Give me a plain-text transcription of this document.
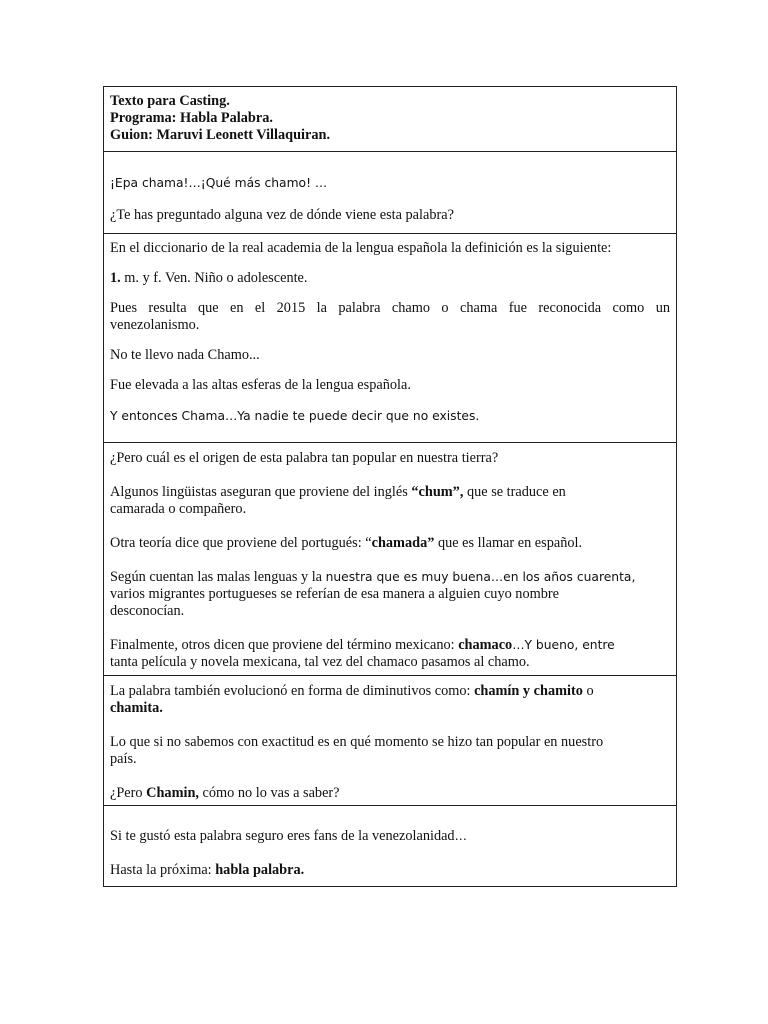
Texto para Casting.
Programa: Habla Palabra.
Guion: Maruvi Leonett Villaquiran.
¡Epa chama!…¡Qué más chamo! …
¿Te has preguntado alguna vez de dónde viene esta palabra?
En el diccionario de la real academia de la lengua española la definición es la siguiente:
1. m. y f. Ven. Niño o adolescente.
Pues resulta que en el 2015 la palabra chamo o chama fue reconocida como un
venezolanismo.
No te llevo nada Chamo...
Fue elevada a las altas esferas de la lengua española.
Y entonces Chama…Ya nadie te puede decir que no existes.
¿Pero cuál es el origen de esta palabra tan popular en nuestra tierra?
Algunos lingüistas aseguran que proviene del inglés “chum”, que se traduce en
camarada o compañero.
Otra teoría dice que proviene del portugués: “chamada” que es llamar en español.
Según cuentan las malas lenguas y la nuestra que es muy buena…en los años cuarenta,
varios migrantes portugueses se referían de esa manera a alguien cuyo nombre
desconocían.
Finalmente, otros dicen que proviene del término mexicano: chamaco…Y bueno, entre
tanta película y novela mexicana, tal vez del chamaco pasamos al chamo.
La palabra también evolucionó en forma de diminutivos como: chamín y chamito o
chamita.
Lo que si no sabemos con exactitud es en qué momento se hizo tan popular en nuestro
país.
¿Pero Chamin, cómo no lo vas a saber?
Si te gustó esta palabra seguro eres fans de la venezolanidad…
Hasta la próxima: habla palabra.
